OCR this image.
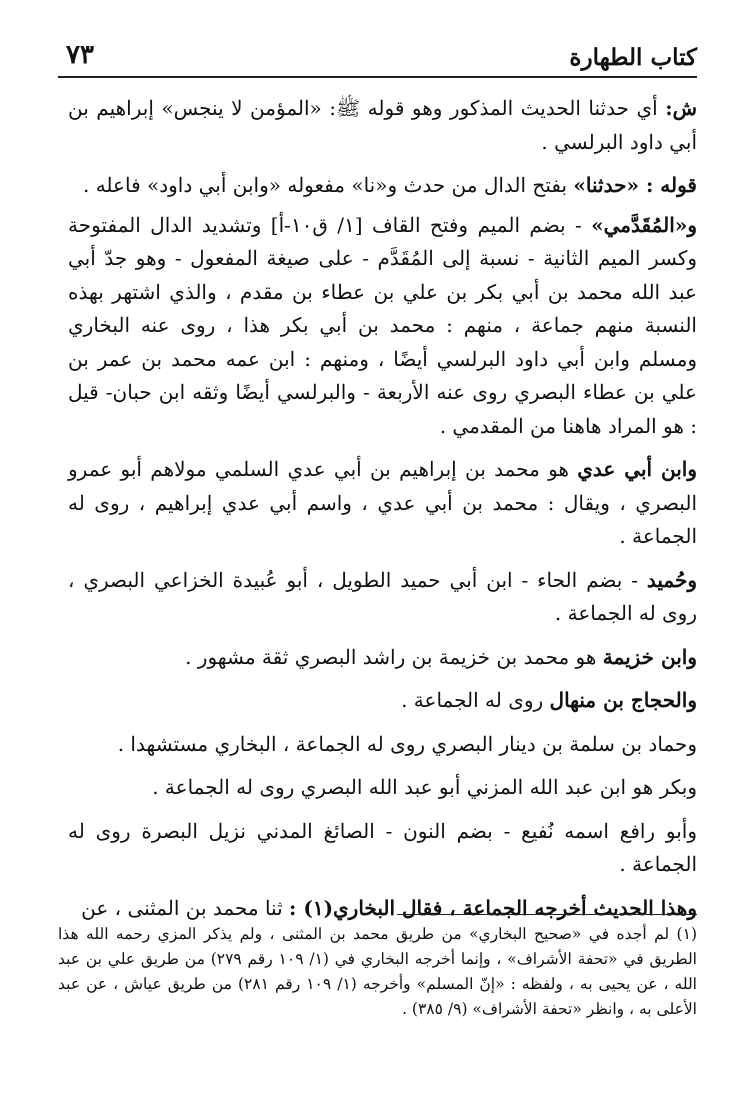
كتاب الطهارة
٧٣

ش: أي حدثنا الحديث المذكور وهو قوله ﷺ: «المؤمن لا ينجس» إبراهيم بن أبي داود البرلسي .

قوله : «حدثنا» بفتح الدال من حدث و«نا» مفعوله «وابن أبي داود» فاعله .

و«المُقَدَّمي» - بضم الميم وفتح القاف [١/ ق١٠-أ] وتشديد الدال المفتوحة وكسر الميم الثانية - نسبة إلى المُقَدَّم - على صيغة المفعول - وهو جدّ أبي عبد الله محمد بن أبي بكر بن علي بن عطاء بن مقدم ، والذي اشتهر بهذه النسبة منهم جماعة ، منهم : محمد بن أبي بكر هذا ، روى عنه البخاري ومسلم وابن أبي داود البرلسي أيضًا ، ومنهم : ابن عمه محمد بن عمر بن علي بن عطاء البصري روى عنه الأربعة - والبرلسي أيضًا وثقه ابن حبان- قيل : هو المراد هاهنا من المقدمي .

وابن أبي عدي هو محمد بن إبراهيم بن أبي عدي السلمي مولاهم أبو عمرو البصري ، ويقال : محمد بن أبي عدي ، واسم أبي عدي إبراهيم ، روى له الجماعة .

وحُميد - بضم الحاء - ابن أبي حميد الطويل ، أبو عُبيدة الخزاعي البصري ، روى له الجماعة .

وابن خزيمة هو محمد بن خزيمة بن راشد البصري ثقة مشهور .

والحجاج بن منهال روى له الجماعة .

وحماد بن سلمة بن دينار البصري روى له الجماعة ، البخاري مستشهدا .

وبكر هو ابن عبد الله المزني أبو عبد الله البصري روى له الجماعة .

وأبو رافع اسمه نُفيع - بضم النون - الصائغ المدني نزيل البصرة روى له الجماعة .

وهذا الحديث أخرجه الجماعة ، فقال البخاري(١) : ثنا محمد بن المثنى ، عن

(١) لم أجده في «صحيح البخاري» من طريق محمد بن المثنى ، ولم يذكر المزي رحمه الله هذا الطريق في «تحفة الأشراف» ، وإنما أخرجه البخاري في (١/ ١٠٩ رقم ٢٧٩) من طريق علي بن عبد الله ، عن يحيى به ، ولفظه : «إنّ المسلم» وأخرجه (١/ ١٠٩ رقم ٢٨١) من طريق عياش ، عن عبد الأعلى به ، وانظر «تحفة الأشراف» (٩/ ٣٨٥) .
